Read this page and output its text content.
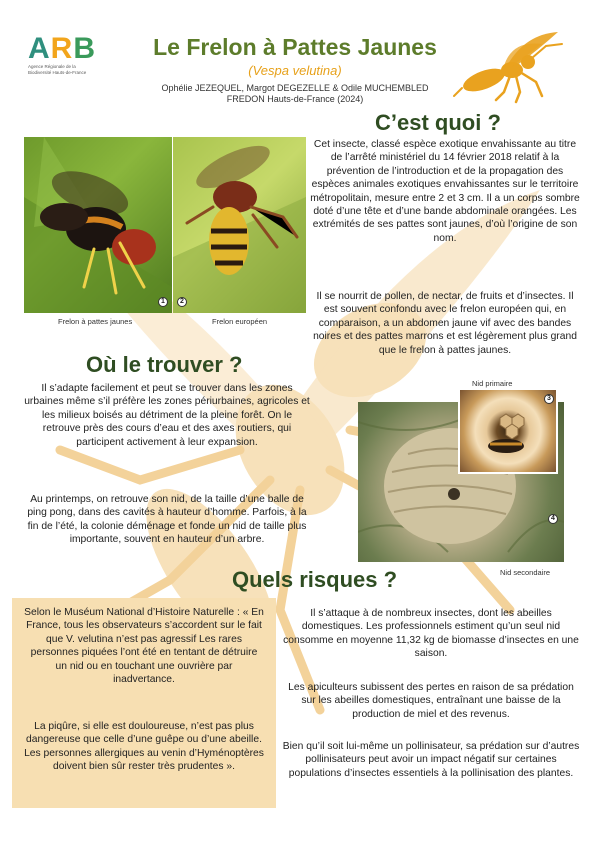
ARB
Agence Régionale de la Biodiversité Hauts-de-France
Le Frelon à Pattes Jaunes
(Vespa velutina)
Ophélie JEZEQUEL, Margot DEGEZELLE & Odile MUCHEMBLED
FREDON Hauts-de-France (2024)
1	2
Frelon à pattes jaunes	Frelon européen
C’est quoi ?
Cet insecte, classé espèce exotique envahissante au titre de l’arrêté ministériel du 14 février 2018 relatif à la prévention de l’introduction et de la propagation des espèces animales exotiques envahissantes sur le territoire métropolitain, mesure entre 2 et 3 cm. Il a un corps sombre doté d’une tête et d’une bande abdominale orangées. Les extrémités de ses pattes sont jaunes, d’où l’origine de son nom.
Il se nourrit de pollen, de nectar, de fruits et d’insectes. Il est souvent confondu avec le frelon européen qui, en comparaison, a un abdomen jaune vif avec des bandes noires et des pattes marrons et est légèrement plus grand que le frelon à pattes jaunes.
Où le trouver ?
Il s’adapte facilement et peut se trouver dans les zones urbaines même s’il préfère les zones périurbaines, agricoles et les milieux boisés au détriment de la pleine forêt. On le retrouve près des cours d’eau et des axes routiers, qui participent activement à leur expansion.
Au printemps, on retrouve son nid, de la taille d’une balle de ping pong, dans des cavités à hauteur d’homme. Parfois, à la fin de l’été, la colonie déménage et fonde un nid de taille plus importante, souvent en hauteur d’un arbre.
4
3
Nid primaire
Nid secondaire
Quels risques ?
Selon le Muséum National d’Histoire Naturelle : « En France, tous les observateurs s’accordent sur le fait que V. velutina n’est pas agressif Les rares personnes piquées l’ont été en tentant de détruire un nid ou en touchant une ouvrière par inadvertance.
La piqûre, si elle est douloureuse, n’est pas plus dangereuse que celle d’une guêpe ou d’une abeille. Les personnes allergiques au venin d’Hyménoptères doivent bien sûr rester très prudentes ».
Il s’attaque à de nombreux insectes, dont les abeilles domestiques. Les professionnels estiment qu’un seul nid consomme en moyenne 11,32 kg de biomasse d’insectes en une saison.
Les apiculteurs subissent des pertes en raison de sa prédation sur les abeilles domestiques, entraînant une baisse de la production de miel et des revenus.
Bien qu’il soit lui-même un pollinisateur, sa prédation sur d’autres pollinisateurs peut avoir un impact négatif sur certaines populations d’insectes essentiels à la pollinisation des plantes.
